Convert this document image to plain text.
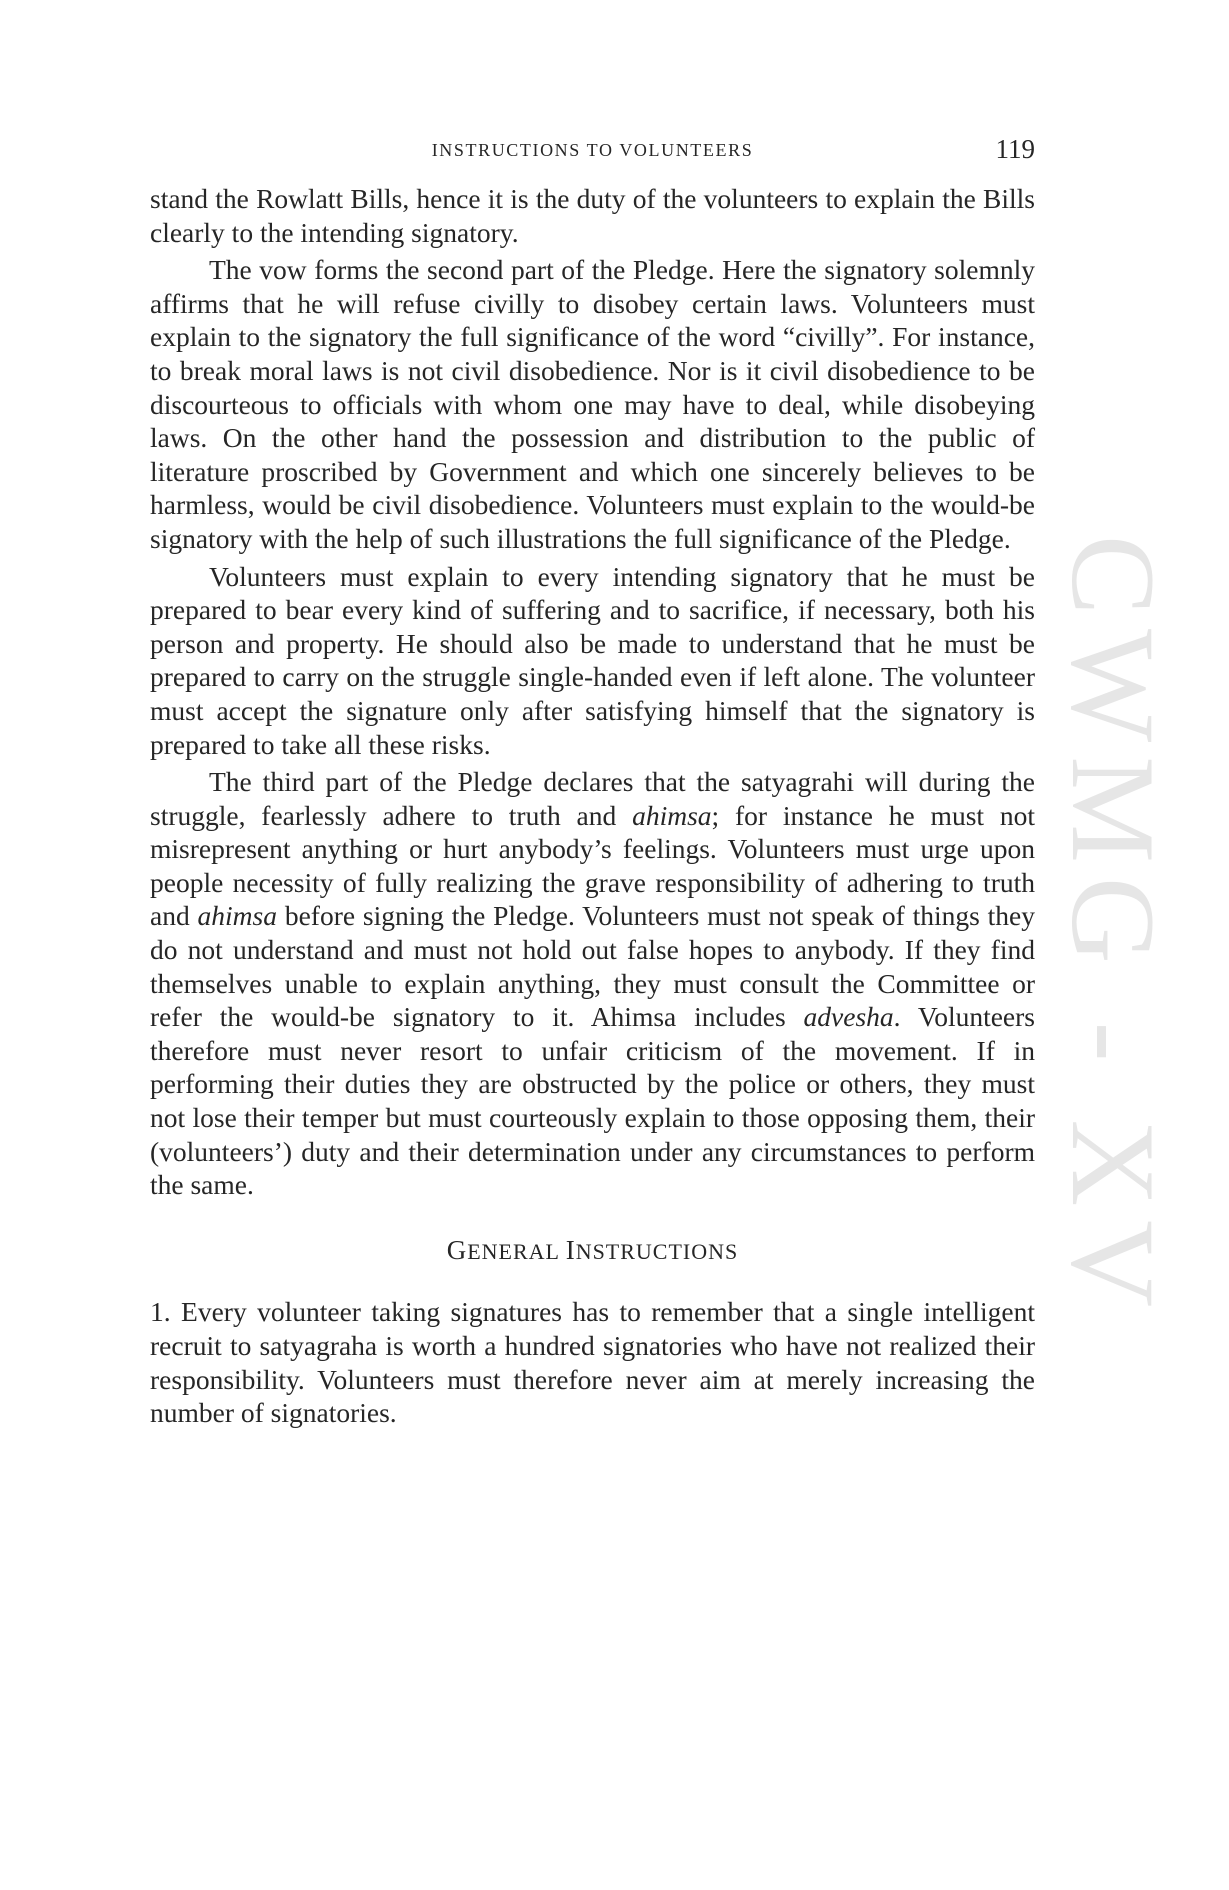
CWMG - XV
INSTRUCTIONS TO VOLUNTEERS	119

stand the Rowlatt Bills, hence it is the duty of the volunteers to explain the Bills clearly to the intending signatory.

The vow forms the second part of the Pledge. Here the signatory solemnly affirms that he will refuse civilly to disobey certain laws. Volunteers must explain to the signatory the full significance of the word “civilly”. For instance, to break moral laws is not civil disobedience. Nor is it civil disobedience to be discourteous to officials with whom one may have to deal, while disobeying laws. On the other hand the possession and distribution to the public of literature proscribed by Government and which one sincerely believes to be harmless, would be civil disobedience. Volunteers must explain to the would-be signatory with the help of such illustrations the full significance of the Pledge.

Volunteers must explain to every intending signatory that he must be prepared to bear every kind of suffering and to sacrifice, if necessary, both his person and property. He should also be made to understand that he must be prepared to carry on the struggle single-handed even if left alone. The volunteer must accept the signature only after satisfying himself that the signatory is prepared to take all these risks.

The third part of the Pledge declares that the satyagrahi will during the struggle, fearlessly adhere to truth and ahimsa; for instance he must not misrepresent anything or hurt anybody’s feelings. Volunteers must urge upon people necessity of fully realizing the grave responsibility of adhering to truth and ahimsa before signing the Pledge. Volunteers must not speak of things they do not understand and must not hold out false hopes to anybody. If they find themselves unable to explain anything, they must consult the Committee or refer the would-be signatory to it. Ahimsa includes advesha. Volunteers therefore must never resort to unfair criticism of the movement. If in performing their duties they are obstructed by the police or others, they must not lose their temper but must courteously explain to those opposing them, their (volunteers’) duty and their determination under any circumstances to perform the same.

GENERAL INSTRUCTIONS

1. Every volunteer taking signatures has to remember that a single intelligent recruit to satyagraha is worth a hundred signatories who have not realized their responsibility. Volunteers must therefore never aim at merely increasing the number of signatories.
